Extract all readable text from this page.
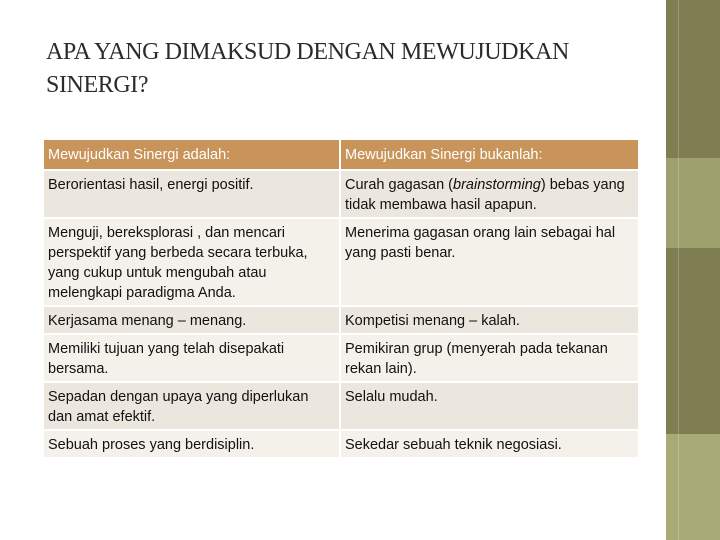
APA YANG DIMAKSUD DENGAN MEWUJUDKAN
SINERGI?
Mewujudkan Sinergi adalah:	Mewujudkan Sinergi bukanlah:
Berorientasi hasil, energi positif.	Curah gagasan (brainstorming) bebas yang tidak membawa hasil apapun.
Menguji, bereksplorasi , dan mencari perspektif yang berbeda secara terbuka, yang cukup untuk mengubah atau melengkapi paradigma Anda.	Menerima gagasan orang lain sebagai hal yang pasti benar.
Kerjasama menang – menang.	Kompetisi menang – kalah.
Memiliki tujuan yang telah disepakati bersama.	Pemikiran grup (menyerah pada tekanan rekan lain).
Sepadan dengan upaya yang diperlukan dan amat efektif.	Selalu mudah.
Sebuah proses yang berdisiplin.	Sekedar sebuah teknik negosiasi.
